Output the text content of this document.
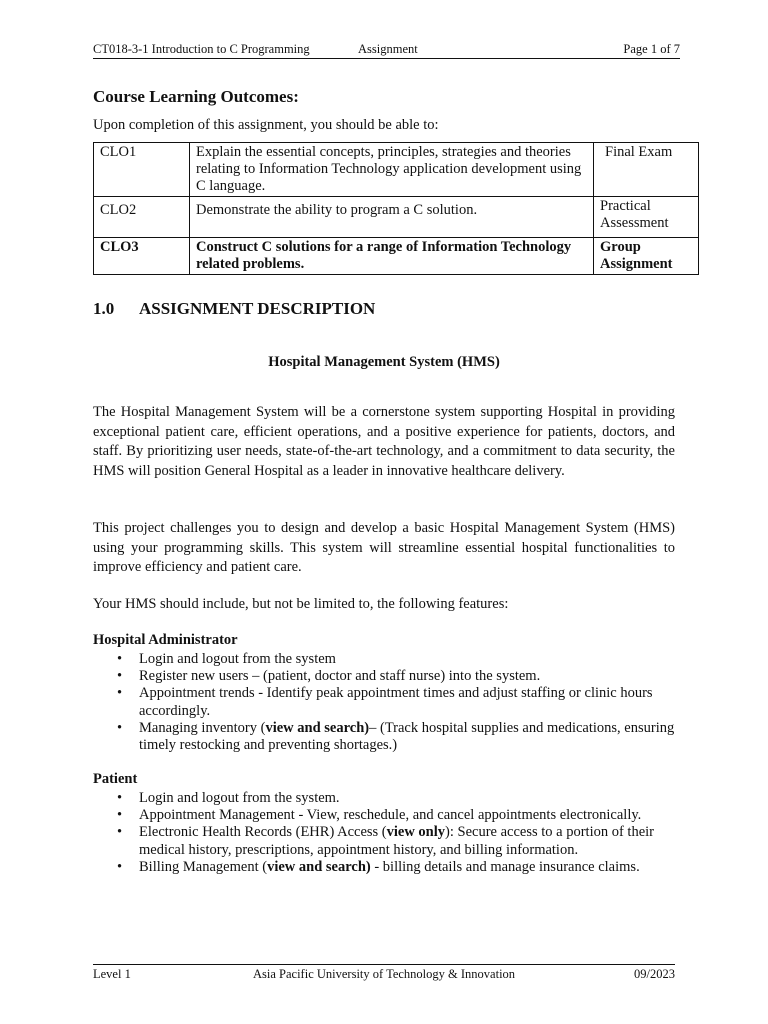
CT018-3-1 Introduction to C Programming	Assignment	Page 1 of 7
Course Learning Outcomes:
Upon completion of this assignment, you should be able to:
CLO1	Explain the essential concepts, principles, strategies and theories relating to Information Technology application development using C language.	Final Exam
CLO2	Demonstrate the ability to program a C solution.	Practical Assessment
CLO3	Construct C solutions for a range of Information Technology related problems.	Group Assignment
1.0 ASSIGNMENT DESCRIPTION
Hospital Management System (HMS)
The Hospital Management System will be a cornerstone system supporting Hospital in providing exceptional patient care, efficient operations, and a positive experience for patients, doctors, and staff. By prioritizing user needs, state-of-the-art technology, and a commitment to data security, the HMS will position General Hospital as a leader in innovative healthcare delivery.
This project challenges you to design and develop a basic Hospital Management System (HMS) using your programming skills. This system will streamline essential hospital functionalities to improve efficiency and patient care.
Your HMS should include, but not be limited to, the following features:
Hospital Administrator
• Login and logout from the system
• Register new users – (patient, doctor and staff nurse) into the system.
• Appointment trends - Identify peak appointment times and adjust staffing or clinic hours accordingly.
• Managing inventory (view and search)– (Track hospital supplies and medications, ensuring timely restocking and preventing shortages.)
Patient
• Login and logout from the system.
• Appointment Management - View, reschedule, and cancel appointments electronically.
• Electronic Health Records (EHR) Access (view only): Secure access to a portion of their medical history, prescriptions, appointment history, and billing information.
• Billing Management (view and search) - billing details and manage insurance claims.
Level 1	Asia Pacific University of Technology & Innovation	09/2023
